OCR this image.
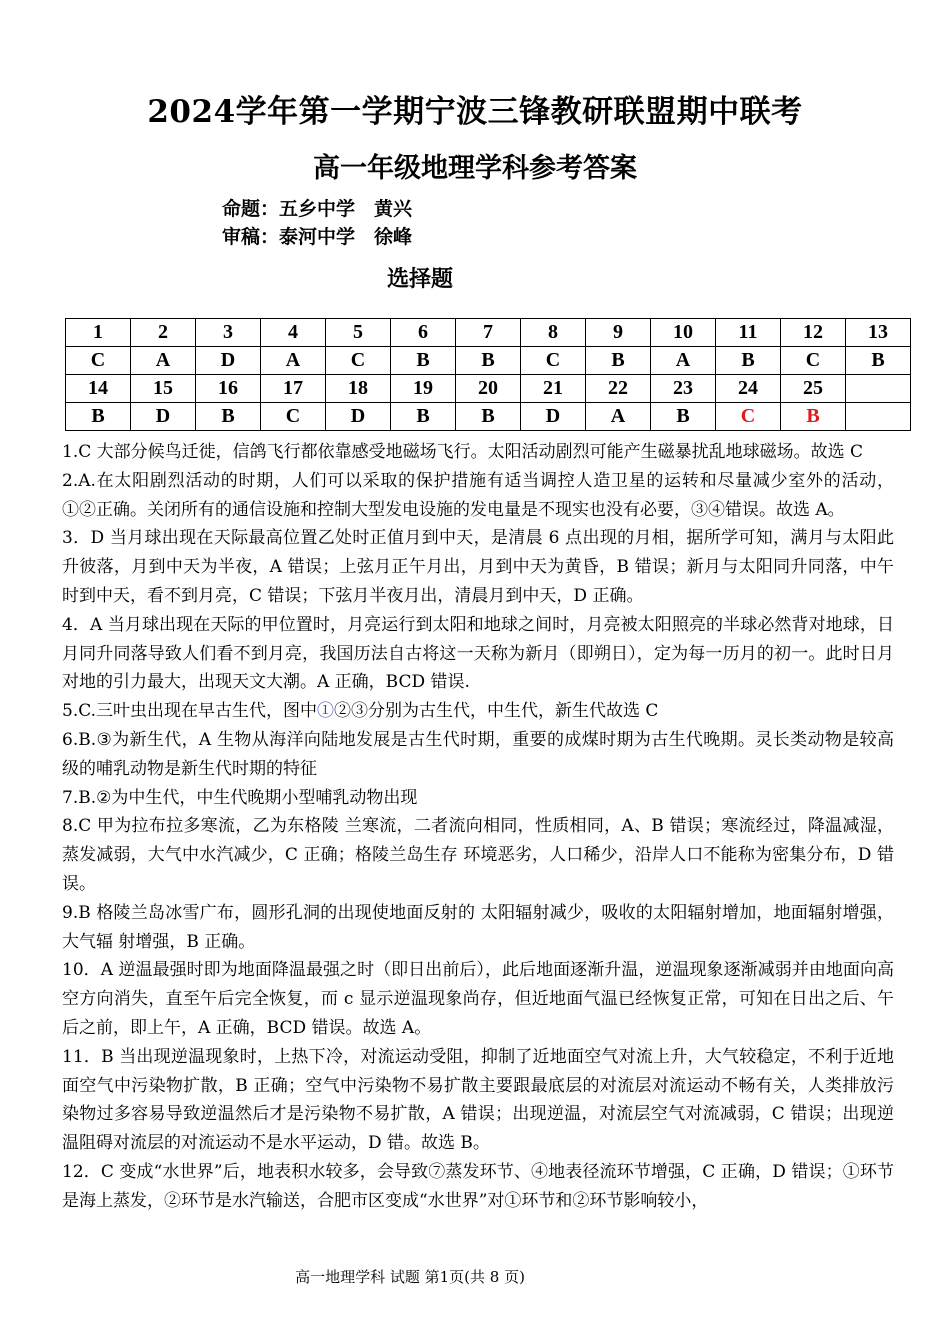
2024学年第一学期宁波三锋教研联盟期中联考
高一年级地理学科参考答案
命题：五乡中学　黄兴
审稿：泰河中学　徐峰
选择题
1	2	3	4	5	6	7	8	9	10	11	12	13
C	A	D	A	C	B	B	C	B	A	B	C	B
14	15	16	17	18	19	20	21	22	23	24	25	
B	D	B	C	D	B	B	D	A	B	C	B	

1.C 大部分候鸟迁徙，信鸽飞行都依靠感受地磁场飞行。太阳活动剧烈可能产生磁暴扰乱地球磁场。故选 C

2.A.在太阳剧烈活动的时期，人们可以采取的保护措施有适当调控人造卫星的运转和尽量减少室外的活动，①②正确。关闭所有的通信设施和控制大型发电设施的发电量是不现实也没有必要，③④错误。故选 A。

3．D 当月球出现在天际最高位置乙处时正值月到中天，是清晨 6 点出现的月相，据所学可知，满月与太阳此升彼落，月到中天为半夜，A 错误；上弦月正午月出，月到中天为黄昏，B 错误；新月与太阳同升同落，中午时到中天，看不到月亮，C 错误；下弦月半夜月出，清晨月到中天，D 正确。

4．A 当月球出现在天际的甲位置时，月亮运行到太阳和地球之间时，月亮被太阳照亮的半球必然背对地球，日月同升同落导致人们看不到月亮，我国历法自古将这一天称为新月（即朔日），定为每一历月的初一。此时日月对地的引力最大，出现天文大潮。A 正确，BCD 错误.

5.C.三叶虫出现在早古生代，图中①②③分别为古生代，中生代，新生代故选 C

6.B.③为新生代，A 生物从海洋向陆地发展是古生代时期，重要的成煤时期为古生代晚期。灵长类动物是较高级的哺乳动物是新生代时期的特征

7.B.②为中生代，中生代晚期小型哺乳动物出现

8.C 甲为拉布拉多寒流，乙为东格陵 兰寒流，二者流向相同，性质相同，A、B 错误；寒流经过，降温减湿，蒸发减弱，大气中水汽减少，C 正确；格陵兰岛生存 环境恶劣，人口稀少，沿岸人口不能称为密集分布，D 错误。

9.B 格陵兰岛冰雪广布，圆形孔洞的出现使地面反射的 太阳辐射减少，吸收的太阳辐射增加，地面辐射增强，大气辐 射增强，B 正确。

10．A 逆温最强时即为地面降温最强之时（即日出前后），此后地面逐渐升温，逆温现象逐渐减弱并由地面向高空方向消失，直至午后完全恢复，而 c 显示逆温现象尚存，但近地面气温已经恢复正常，可知在日出之后、午后之前，即上午，A 正确，BCD 错误。故选 A。

11．B 当出现逆温现象时，上热下冷，对流运动受阻，抑制了近地面空气对流上升，大气较稳定，不利于近地面空气中污染物扩散，B 正确；空气中污染物不易扩散主要跟最底层的对流层对流运动不畅有关，人类排放污染物过多容易导致逆温然后才是污染物不易扩散，A 错误；出现逆温，对流层空气对流减弱，C 错误；出现逆温阻碍对流层的对流运动不是水平运动，D 错。故选 B。

12．C 变成“水世界”后，地表积水较多，会导致⑦蒸发环节、④地表径流环节增强，C 正确，D 错误；①环节是海上蒸发，②环节是水汽输送，合肥市区变成“水世界”对①环节和②环节影响较小，

高一地理学科 试题 第1页(共 8 页)
